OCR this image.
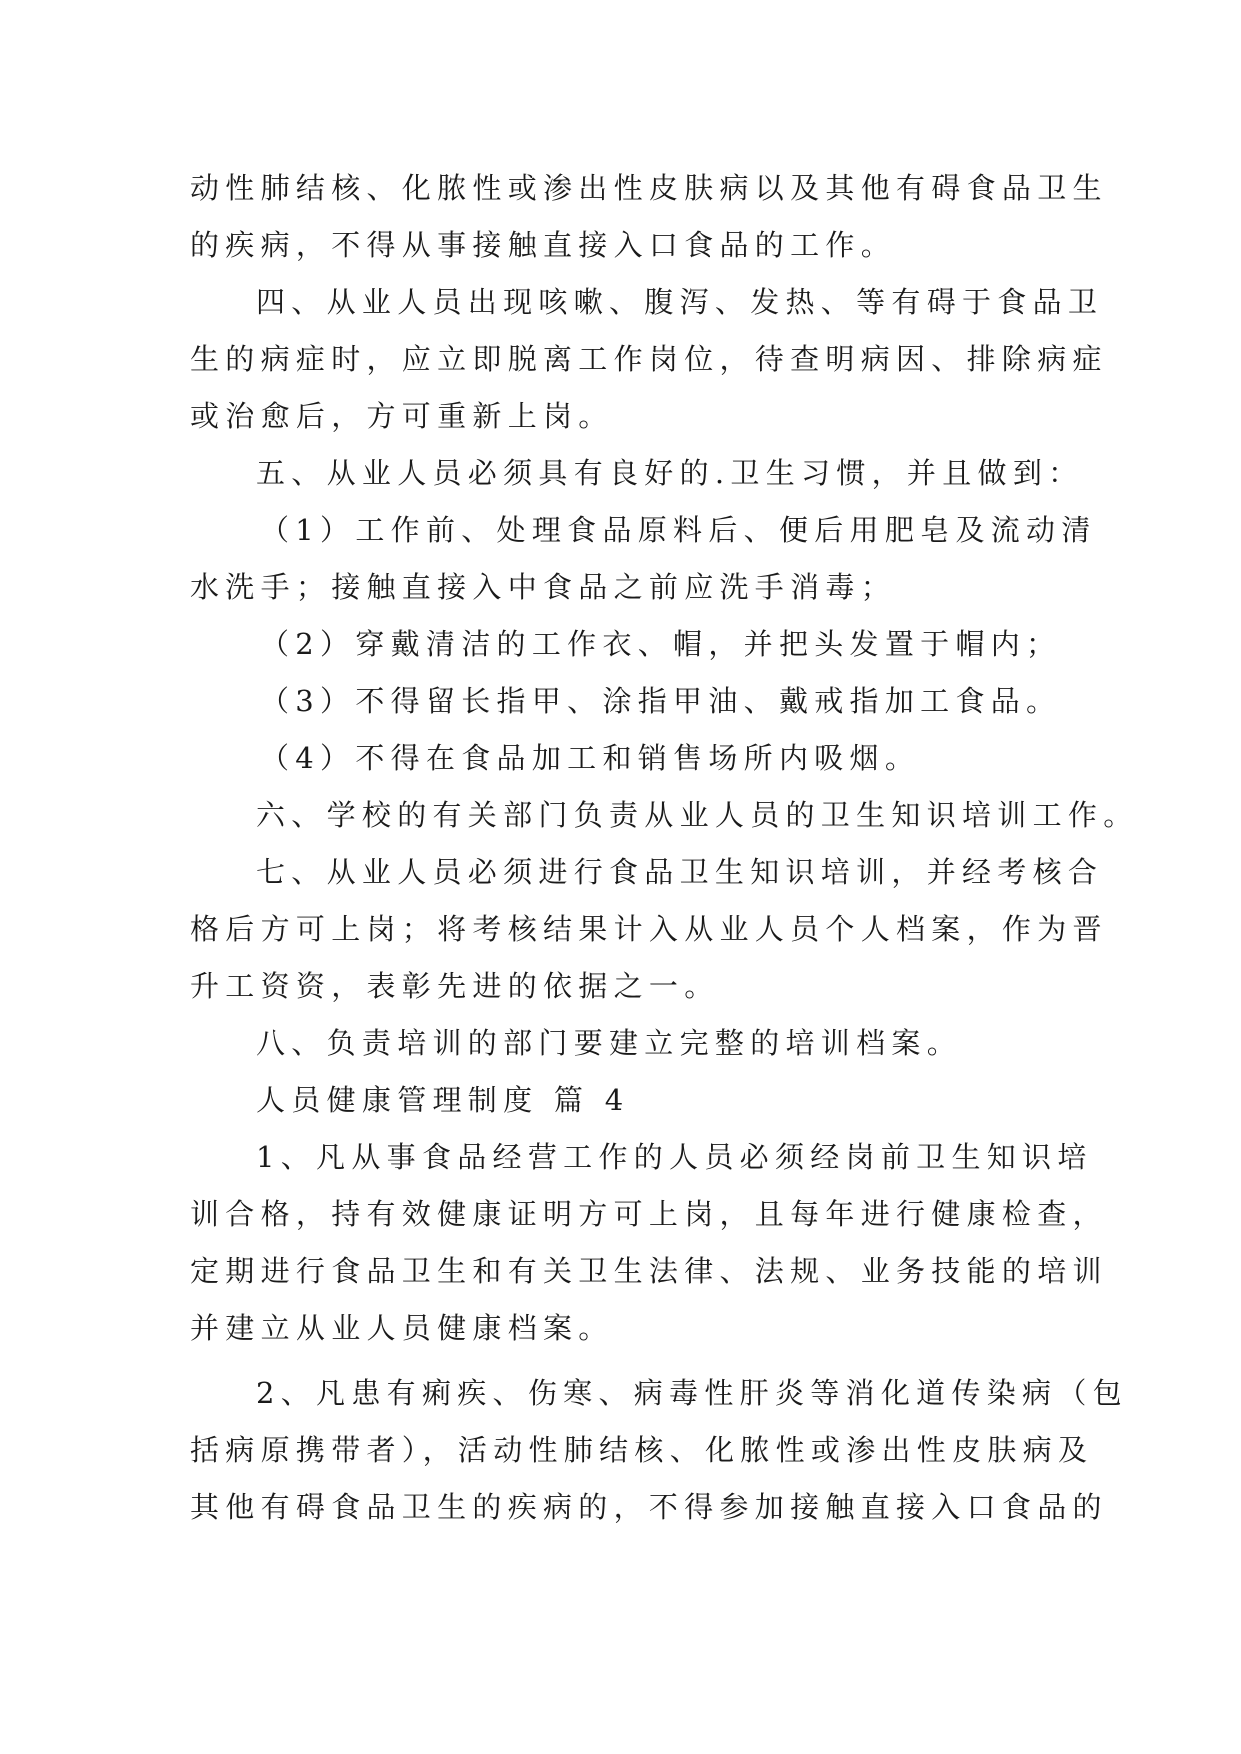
动性肺结核、化脓性或渗出性皮肤病以及其他有碍食品卫生
的疾病，不得从事接触直接入口食品的工作。
四、从业人员出现咳嗽、腹泻、发热、等有碍于食品卫
生的病症时，应立即脱离工作岗位，待查明病因、排除病症
或治愈后，方可重新上岗。
五、从业人员必须具有良好的.卫生习惯，并且做到：
（1）工作前、处理食品原料后、便后用肥皂及流动清
水洗手；接触直接入中食品之前应洗手消毒；
（2）穿戴清洁的工作衣、帽，并把头发置于帽内；
（3）不得留长指甲、涂指甲油、戴戒指加工食品。
（4）不得在食品加工和销售场所内吸烟。
六、学校的有关部门负责从业人员的卫生知识培训工作。
七、从业人员必须进行食品卫生知识培训，并经考核合
格后方可上岗；将考核结果计入从业人员个人档案，作为晋
升工资资，表彰先进的依据之一。
八、负责培训的部门要建立完整的培训档案。
人员健康管理制度 篇 4
1、凡从事食品经营工作的人员必须经岗前卫生知识培
训合格，持有效健康证明方可上岗，且每年进行健康检查，
定期进行食品卫生和有关卫生法律、法规、业务技能的培训
并建立从业人员健康档案。
2、凡患有痢疾、伤寒、病毒性肝炎等消化道传染病（包
括病原携带者），活动性肺结核、化脓性或渗出性皮肤病及
其他有碍食品卫生的疾病的，不得参加接触直接入口食品的
